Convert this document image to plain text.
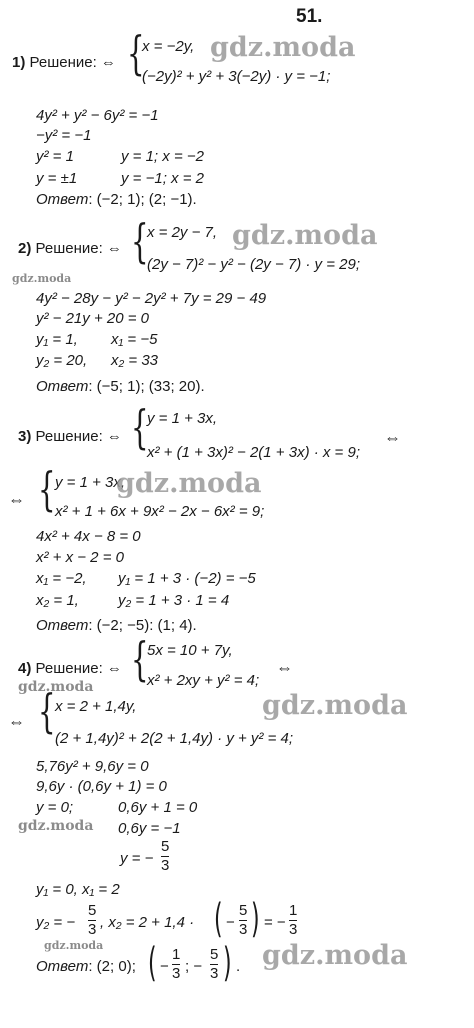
51.
1) Решение: ⇔ {
x = −2y,
(−2y)² + y² + 3(−2y) · y = −1;
4y² + y² − 6y² = −1
−y² = −1
y² = 1	y = 1; x = −2
y = ±1	y = −1; x = 2
Ответ: (−2; 1); (2; −1).
2) Решение: ⇔ {
x = 2y − 7,
(2y − 7)² − y² − (2y − 7) · y = 29;
4y² − 28y − y² − 2y² + 7y = 29 − 49
y² − 21y + 20 = 0
y₁ = 1, x₁ = −5
y₂ = 20, x₂ = 33
Ответ: (−5; 1); (33; 20).
3) Решение: ⇔ {
y = 1 + 3x,
x² + (1 + 3x)² − 2(1 + 3x) · x = 9;
⇔
⇔ { y = 1 + 3x,
x² + 1 + 6x + 9x² − 2x − 6x² = 9;
4x² + 4x − 8 = 0
x² + x − 2 = 0
x₁ = −2, y₁ = 1 + 3 · (−2) = −5
x₂ = 1,	y₂ = 1 + 3 · 1 = 4
Ответ: (−2; −5): (1; 4).
4) Решение: ⇔ {
5x = 10 + 7y,
x² + 2xy + y² = 4;
⇔
⇔ { x = 2 + 1,4y,
(2 + 1,4y)² + 2(2 + 1,4y) · y + y² = 4;
5,76y² + 9,6y = 0
9,6y · (0,6y + 1) = 0
y = 0;	0,6y + 1 = 0
0,6y = −1
y = −
5
3
y₁ = 0, x₁ = 2
y₂ = −
5
3 , x₂ = 2 + 1,4 · ( −
5
3 ) = −
1
3
Ответ: (2; 0); ( −
1
3 ; −
5
3 ) .
gdz.moda
gdz.moda
gdz.moda
gdz.moda
gdz.moda
gdz.moda
gdz.moda
gdz.moda	gdz.moda
